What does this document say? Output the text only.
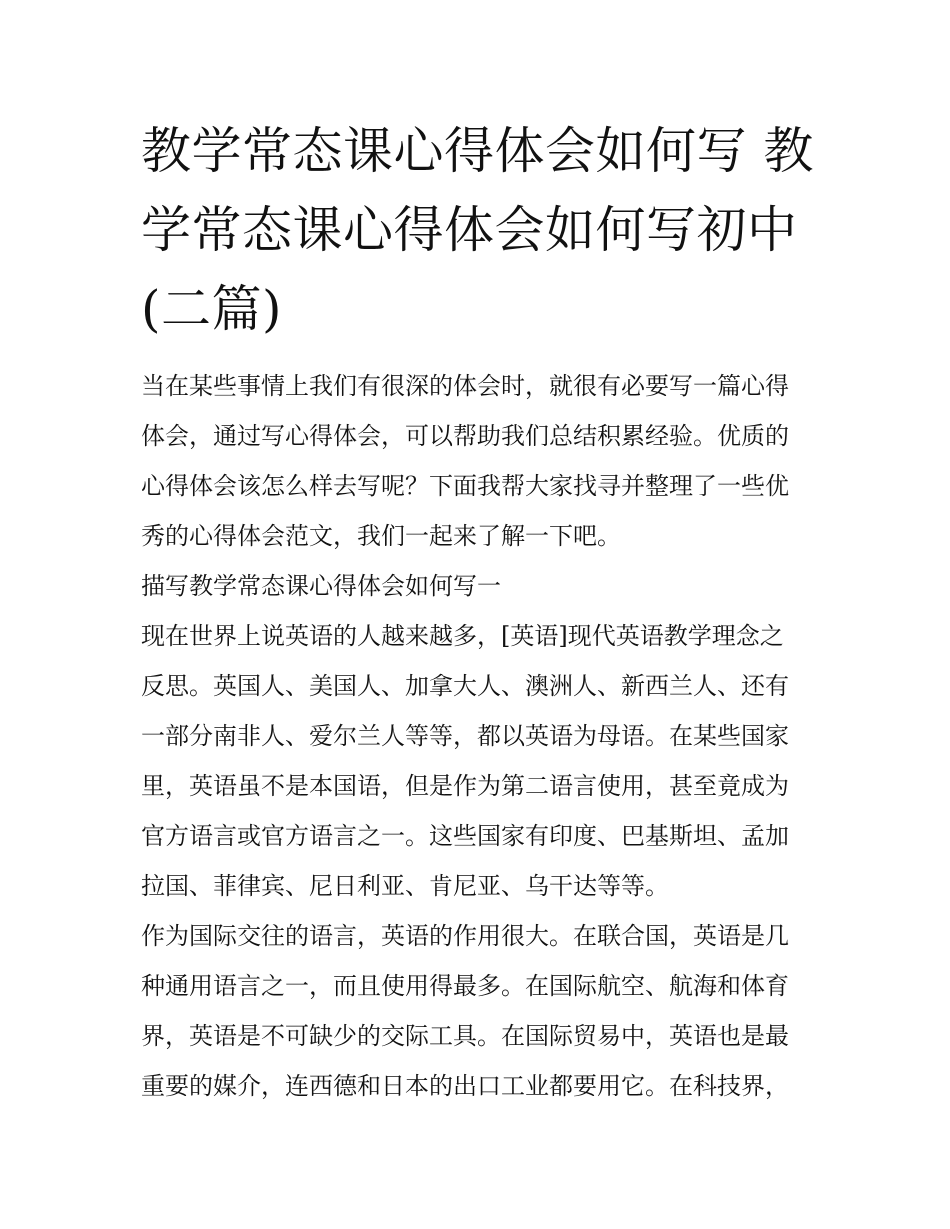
教学常态课心得体会如何写 教
学常态课心得体会如何写初中
(二篇)

当在某些事情上我们有很深的体会时，就很有必要写一篇心得
体会，通过写心得体会，可以帮助我们总结积累经验。优质的
心得体会该怎么样去写呢？下面我帮大家找寻并整理了一些优
秀的心得体会范文，我们一起来了解一下吧。

描写教学常态课心得体会如何写一

现在世界上说英语的人越来越多，[英语]现代英语教学理念之
反思。英国人、美国人、加拿大人、澳洲人、新西兰人、还有
一部分南非人、爱尔兰人等等，都以英语为母语。在某些国家
里，英语虽不是本国语，但是作为第二语言使用，甚至竟成为
官方语言或官方语言之一。这些国家有印度、巴基斯坦、孟加
拉国、菲律宾、尼日利亚、肯尼亚、乌干达等等。

作为国际交往的语言，英语的作用很大。在联合国，英语是几
种通用语言之一，而且使用得最多。在国际航空、航海和体育
界，英语是不可缺少的交际工具。在国际贸易中，英语也是最
重要的媒介，连西德和日本的出口工业都要用它。在科技界，
